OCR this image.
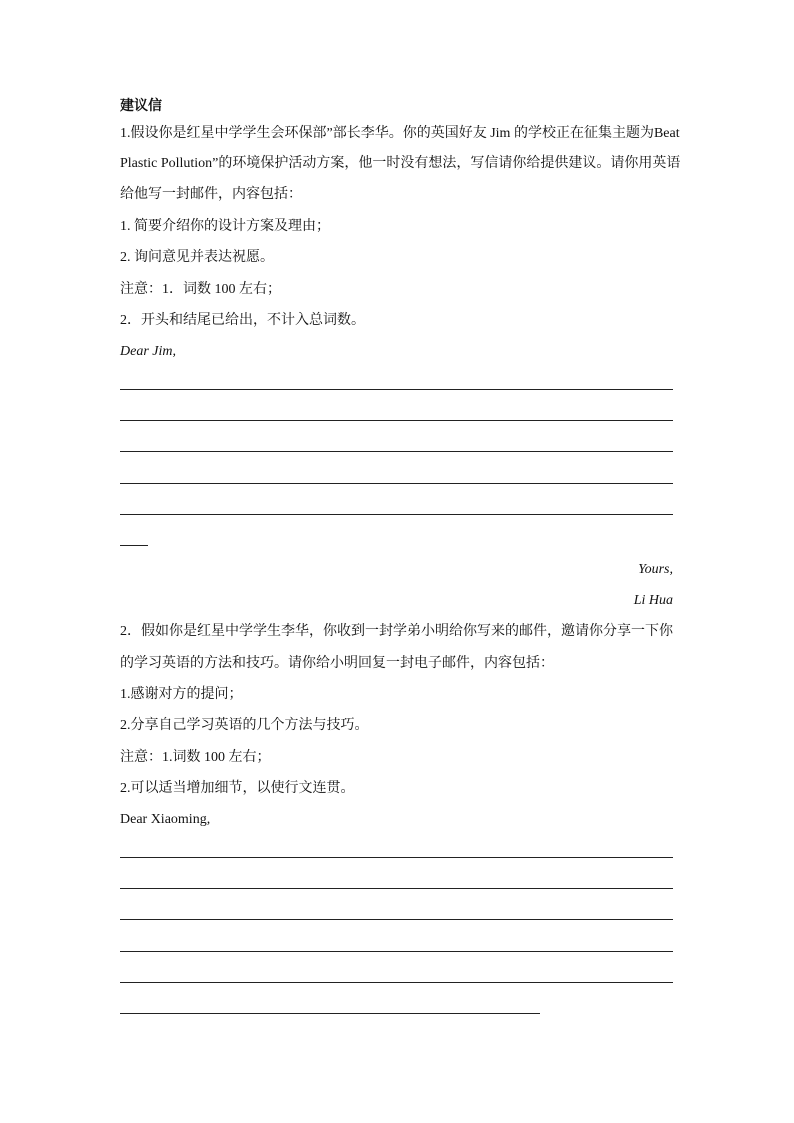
建议信
1.假设你是红星中学学生会环保部”部长李华。你的英国好友 Jim 的学校正在征集主题为Beat
Plastic Pollution”的环境保护活动方案，他一时没有想法，写信请你给提供建议。请你用英语
给他写一封邮件，内容包括：
1. 简要介绍你的设计方案及理由；
2. 询问意见并表达祝愿。
注意：1．词数 100 左右；
2．开头和结尾已给出，不计入总词数。
Dear Jim,
Yours,
Li Hua
2．假如你是红星中学学生李华，你收到一封学弟小明给你写来的邮件，邀请你分享一下你
的学习英语的方法和技巧。请你给小明回复一封电子邮件，内容包括：
1.感谢对方的提问；
2.分享自己学习英语的几个方法与技巧。
注意：1.词数 100 左右；
2.可以适当增加细节，以使行文连贯。
Dear Xiaoming,
